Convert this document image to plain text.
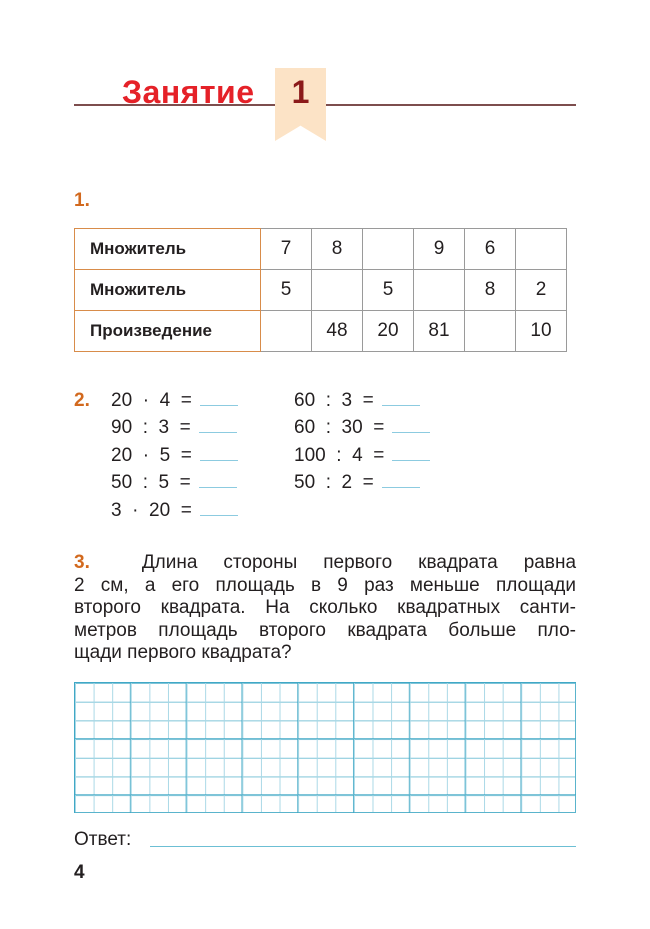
Занятие	1
1.
Множитель	7	8		9	6	
Множитель	5		5		8	2
Произведение		48	20	81		10
2. 20  ·  4  =
90  :  3  =
20  ·  5  =
50  :  5  =
3  ·  20  =
60  :  3  =
60  :  30  =
100  :  4  =
50  :  2  =
3.	Длина стороны первого квадрата равна
2 см, а его площадь в 9 раз меньше площади
второго квадрата. На сколько квадратных санти-
метров площадь второго квадрата больше пло-
щади первого квадрата?
Ответ:
4
